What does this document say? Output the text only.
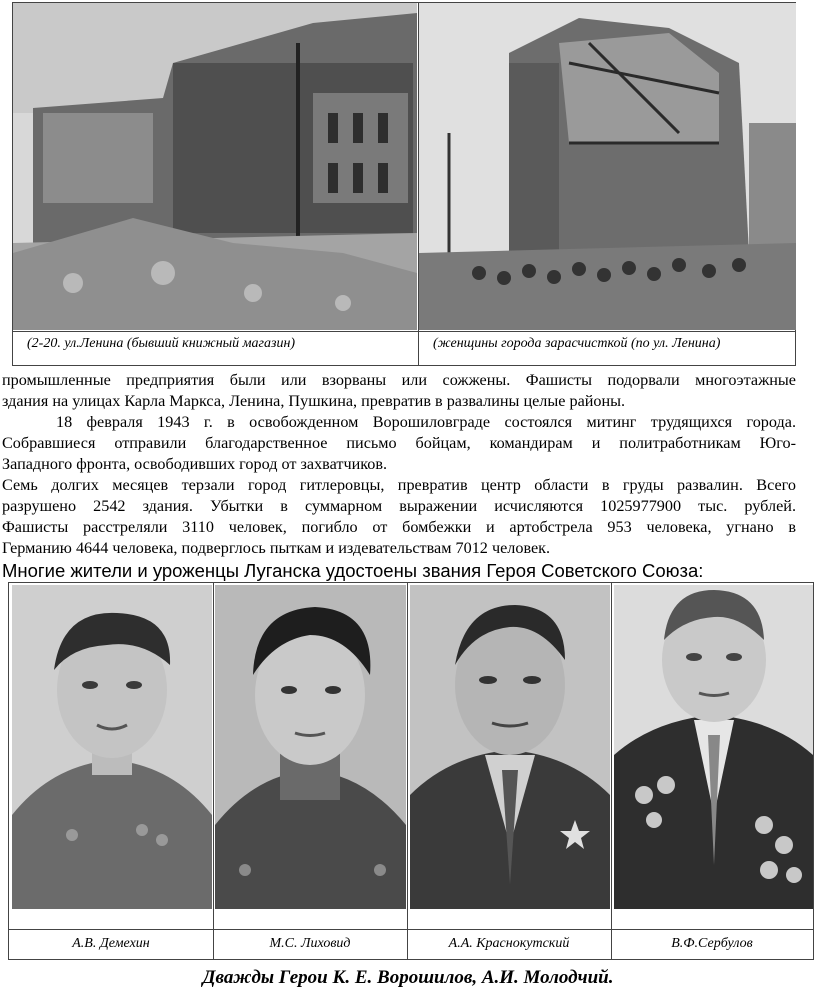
(2-20. ул.Ленина (бывший книжный магазин)	(женщины города зарасчисткой (по ул. Ленина)
промышленные предприятия были или взорваны или сожжены. Фашисты подорвали многоэтажные
здания на улицах Карла Маркса, Ленина, Пушкина, превратив в развалины целые районы.
18 февраля 1943 г. в освобожденном Ворошиловграде состоялся митинг трудящихся города.
Собравшиеся отправили благодарственное письмо бойцам, командирам и политработникам Юго-
Западного фронта, освободивших город от захватчиков.
Семь долгих месяцев терзали город гитлеровцы, превратив центр области в груды развалин. Всего
разрушено 2542 здания. Убытки в суммарном выражении исчисляются 1025977900 тыс. рублей.
Фашисты расстреляли 3110 человек, погибло от бомбежки и артобстрела 953 человека, угнано в
Германию 4644 человека, подверглось пыткам и издевательствам 7012 человек.
Многие жители и уроженцы Луганска удостоены звания Героя Советского Союза:
А.В. Демехин	М.С. Лиховид	А.А. Краснокутский	В.Ф.Сербулов
Дважды Герои К. Е. Ворошилов, А.И. Молодчий.
